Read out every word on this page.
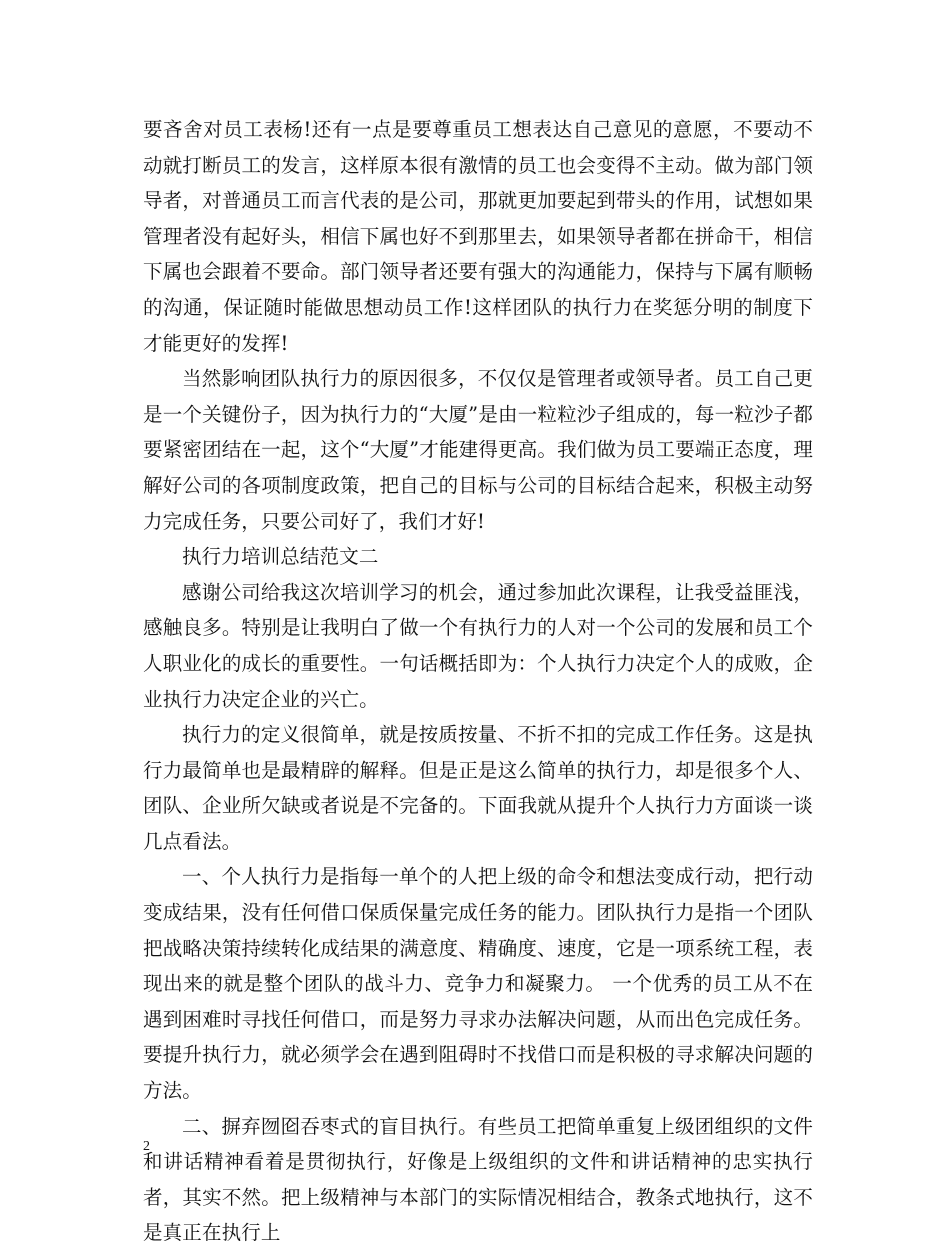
要吝舍对员工表杨!还有一点是要尊重员工想表达自己意见的意愿，不要动不动就打断员工的发言，这样原本很有激情的员工也会变得不主动。做为部门领导者，对普通员工而言代表的是公司，那就更加要起到带头的作用，试想如果管理者没有起好头，相信下属也好不到那里去，如果领导者都在拼命干，相信下属也会跟着不要命。部门领导者还要有强大的沟通能力，保持与下属有顺畅的沟通，保证随时能做思想动员工作!这样团队的执行力在奖惩分明的制度下才能更好的发挥!

当然影响团队执行力的原因很多，不仅仅是管理者或领导者。员工自己更是一个关键份子，因为执行力的“大厦”是由一粒粒沙子组成的，每一粒沙子都要紧密团结在一起，这个“大厦”才能建得更高。我们做为员工要端正态度，理解好公司的各项制度政策，把自己的目标与公司的目标结合起来，积极主动努力完成任务，只要公司好了，我们才好!

执行力培训总结范文二

感谢公司给我这次培训学习的机会，通过参加此次课程，让我受益匪浅，感触良多。特别是让我明白了做一个有执行力的人对一个公司的发展和员工个人职业化的成长的重要性。一句话概括即为：个人执行力决定个人的成败，企业执行力决定企业的兴亡。

执行力的定义很简单，就是按质按量、不折不扣的完成工作任务。这是执行力最简单也是最精辟的解释。但是正是这么简单的执行力，却是很多个人、团队、企业所欠缺或者说是不完备的。下面我就从提升个人执行力方面谈一谈几点看法。

一、个人执行力是指每一单个的人把上级的命令和想法变成行动，把行动变成结果，没有任何借口保质保量完成任务的能力。团队执行力是指一个团队把战略决策持续转化成结果的满意度、精确度、速度，它是一项系统工程，表现出来的就是整个团队的战斗力、竞争力和凝聚力。 一个优秀的员工从不在遇到困难时寻找任何借口，而是努力寻求办法解决问题，从而出色完成任务。要提升执行力，就必须学会在遇到阻碍时不找借口而是积极的寻求解决问题的方法。

二、摒弃囫囵吞枣式的盲目执行。有些员工把简单重复上级团组织的文件和讲话精神看着是贯彻执行，好像是上级组织的文件和讲话精神的忠实执行者，其实不然。把上级精神与本部门的实际情况相结合，教条式地执行，这不是真正在执行上

2
